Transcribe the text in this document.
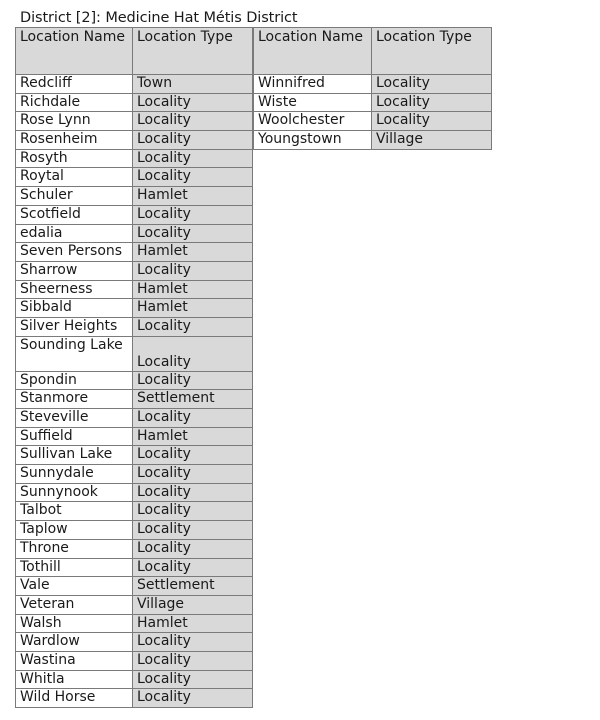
District [2]: Medicine Hat Métis District
Location Name	Location Type
Redcliff	Town
Richdale	Locality
Rose Lynn	Locality
Rosenheim	Locality
Rosyth	Locality
Roytal	Locality
Schuler	Hamlet
Scotfield	Locality
edalia	Locality
Seven Persons	Hamlet
Sharrow	Locality
Sheerness	Hamlet
Sibbald	Hamlet
Silver Heights	Locality
Sounding Lake	Locality
Spondin	Locality
Stanmore	Settlement
Steveville	Locality
Suffield	Hamlet
Sullivan Lake	Locality
Sunnydale	Locality
Sunnynook	Locality
Talbot	Locality
Taplow	Locality
Throne	Locality
Tothill	Locality
Vale	Settlement
Veteran	Village
Walsh	Hamlet
Wardlow	Locality
Wastina	Locality
Whitla	Locality
Wild Horse	Locality
Location Name	Location Type
Winnifred	Locality
Wiste	Locality
Woolchester	Locality
Youngstown	Village
